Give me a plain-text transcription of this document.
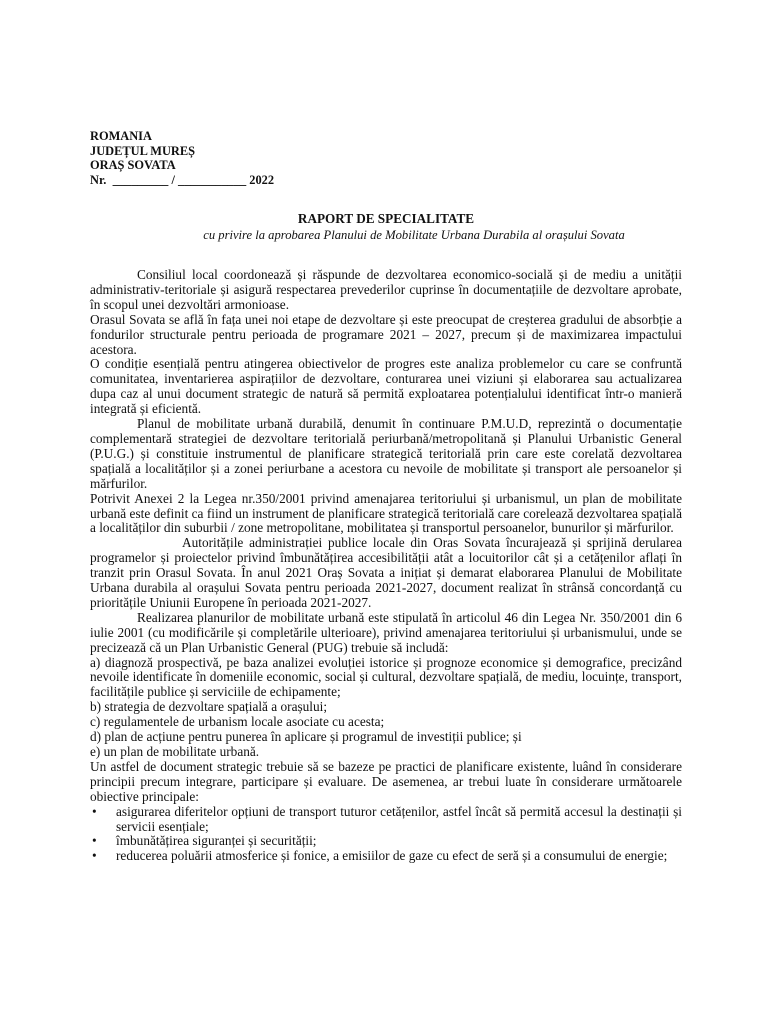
ROMANIA
JUDEȚUL MUREȘ
ORAȘ SOVATA
Nr.  _________ / ___________ 2022
RAPORT DE SPECIALITATE
cu privire la aprobarea Planului de Mobilitate Urbana Durabila al orașului Sovata

Consiliul local coordonează și răspunde de dezvoltarea economico-socială și de mediu a unității administrativ-teritoriale și asigură respectarea prevederilor cuprinse în documentațiile de dezvoltare aprobate, în scopul unei dezvoltări armonioase.

Orasul Sovata se află în fața unei noi etape de dezvoltare și este preocupat de creșterea gradului de absorbție a fondurilor structurale pentru perioada de programare 2021 – 2027, precum și de maximizarea impactului acestora.

O condiție esențială pentru atingerea obiectivelor de progres este analiza problemelor cu care se confruntă comunitatea, inventarierea aspirațiilor de dezvoltare, conturarea unei viziuni și elaborarea sau actualizarea dupa caz al unui document strategic de natură să permită exploatarea potențialului identificat într-o manieră integrată și eficientă.

Planul de mobilitate urbană durabilă, denumit în continuare P.M.U.D, reprezintă o documentație complementară strategiei de dezvoltare teritorială periurbană/metropolitană și Planului Urbanistic General (P.U.G.) și constituie instrumentul de planificare strategică teritorială prin care este corelată dezvoltarea spațială a localităților și a zonei periurbane a acestora cu nevoile de mobilitate și transport ale persoanelor și mărfurilor.

Potrivit Anexei 2 la Legea nr.350/2001 privind amenajarea teritoriului și urbanismul, un plan de mobilitate urbană este definit ca fiind un instrument de planificare strategică teritorială care corelează dezvoltarea spațială a localităților din suburbii / zone metropolitane, mobilitatea și transportul persoanelor, bunurilor și mărfurilor.

Autoritățile administrației publice locale din Oras Sovata încurajează și sprijină derularea programelor și proiectelor privind îmbunătățirea accesibilității atât a locuitorilor cât și a cetățenilor aflați în tranzit prin Orasul Sovata. În anul 2021 Oraș Sovata a inițiat și demarat elaborarea Planului de Mobilitate Urbana durabila al orașului Sovata pentru perioada 2021-2027, document realizat în strânsă concordanță cu prioritățile Uniunii Europene în perioada 2021-2027.

Realizarea planurilor de mobilitate urbană este stipulată în articolul 46 din Legea Nr. 350/2001 din 6 iulie 2001 (cu modificările și completările ulterioare), privind amenajarea teritoriului și urbanismului, unde se precizează că un Plan Urbanistic General (PUG) trebuie să includă:

a) diagnoză prospectivă, pe baza analizei evoluției istorice și prognoze economice și demografice, precizând nevoile identificate în domeniile economic, social și cultural, dezvoltare spațială, de mediu, locuințe, transport, facilitățile publice și serviciile de echipamente;

b) strategia de dezvoltare spațială a orașului;

c) regulamentele de urbanism locale asociate cu acesta;

d) plan de acțiune pentru punerea în aplicare și programul de investiții publice; și

e) un plan de mobilitate urbană.

Un astfel de document strategic trebuie să se bazeze pe practici de planificare existente, luând în considerare principii precum integrare, participare și evaluare. De asemenea, ar trebui luate în considerare următoarele obiective principale:

•	asigurarea diferitelor opțiuni de transport tuturor cetățenilor, astfel încât să permită accesul la destinații și servicii esențiale;
•	îmbunătățirea siguranței și securității;
•	reducerea poluării atmosferice și fonice, a emisiilor de gaze cu efect de seră și a consumului de energie;
